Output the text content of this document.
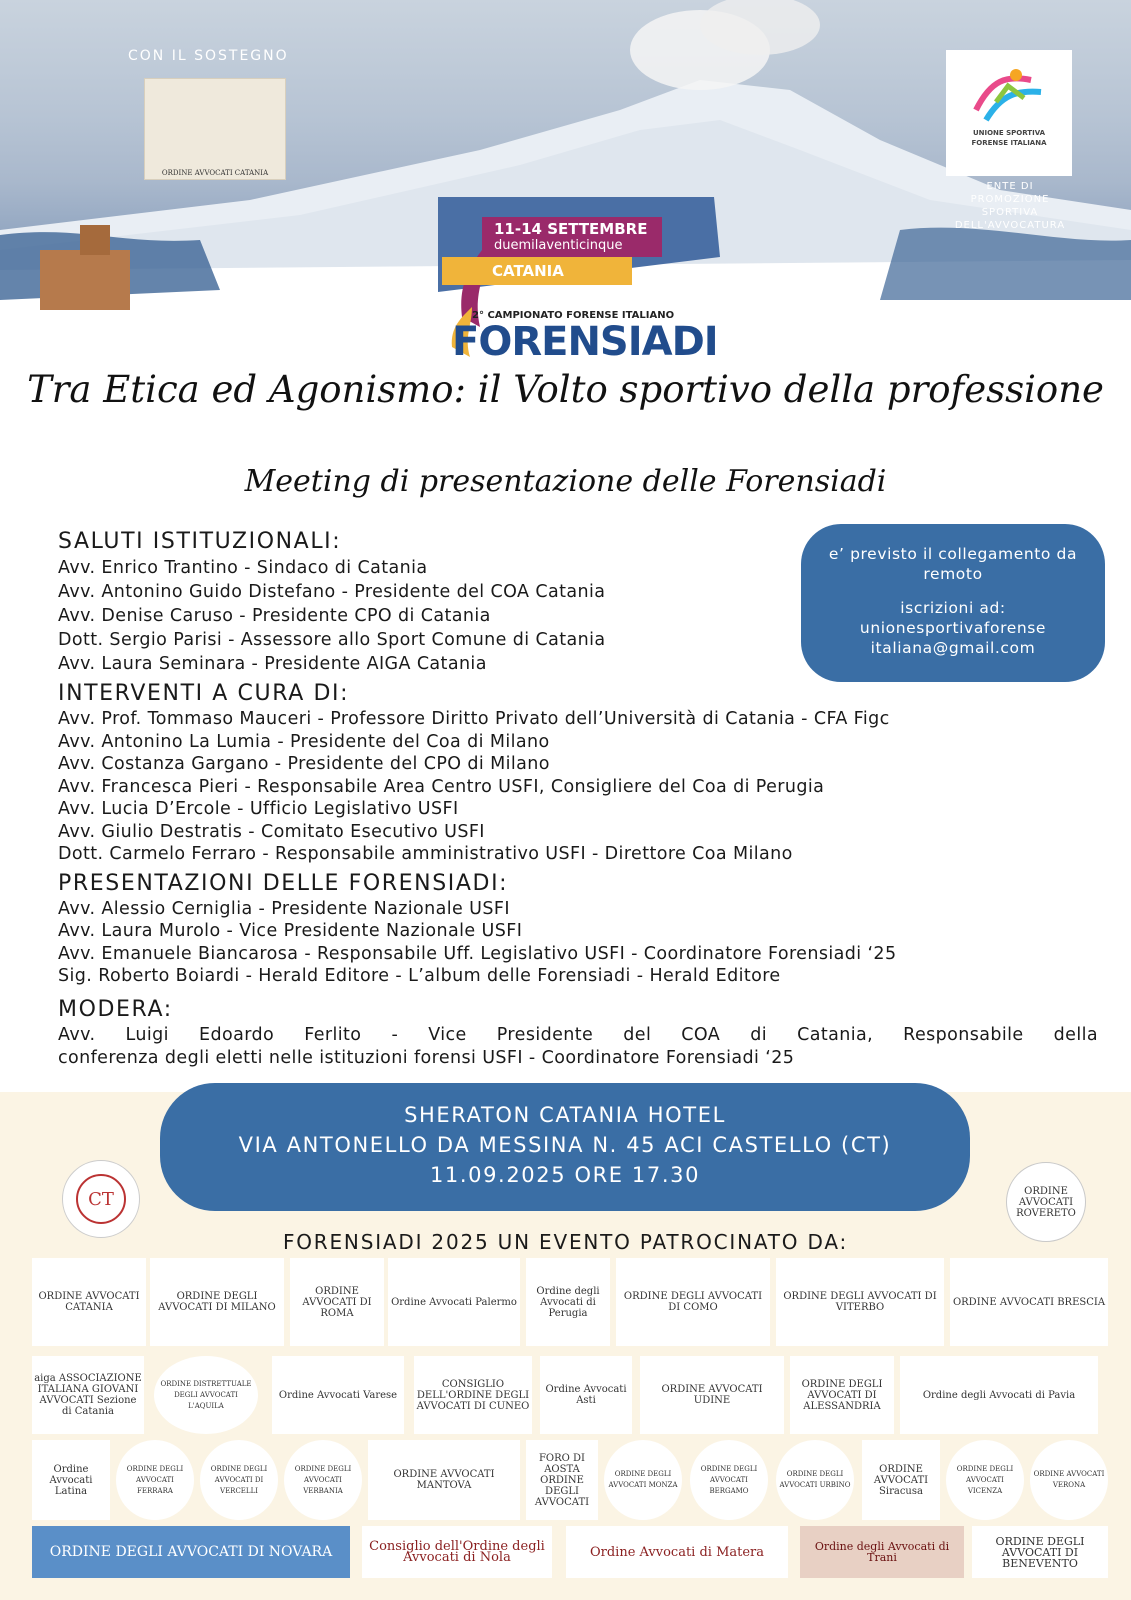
CON IL SOSTEGNO
ORDINE AVVOCATI CATANIA
UNIONE SPORTIVA FORENSE ITALIANA
ENTE DI PROMOZIONE SPORTIVA DELL'AVVOCATURA
11-14 SETTEMBRE
duemilaventicinque
CATANIA
2° CAMPIONATO FORENSE ITALIANO
FORENSIADI
Tra Etica ed Agonismo: il Volto sportivo della professione
Meeting di presentazione delle Forensiadi
e’ previsto il collegamento da remoto
iscrizioni ad:
unionesportivaforense
italiana@gmail.com
SALUTI ISTITUZIONALI:
Avv. Enrico Trantino - Sindaco di Catania
Avv. Antonino Guido Distefano - Presidente del COA Catania
Avv. Denise Caruso - Presidente CPO di Catania
Dott. Sergio Parisi - Assessore allo Sport Comune di Catania
Avv. Laura Seminara - Presidente AIGA Catania
INTERVENTI A CURA DI:
Avv. Prof. Tommaso Mauceri - Professore Diritto Privato dell’Università di Catania - CFA Figc
Avv. Antonino La Lumia - Presidente del Coa di Milano
Avv. Costanza Gargano - Presidente del CPO di Milano
Avv. Francesca Pieri - Responsabile Area Centro USFI, Consigliere del Coa di Perugia
Avv. Lucia D’Ercole - Ufficio Legislativo USFI
Avv. Giulio Destratis - Comitato Esecutivo USFI
Dott. Carmelo Ferraro - Responsabile amministrativo USFI - Direttore Coa Milano
PRESENTAZIONI DELLE FORENSIADI:
Avv. Alessio Cerniglia - Presidente Nazionale USFI
Avv. Laura Murolo - Vice Presidente Nazionale USFI
Avv. Emanuele Biancarosa - Responsabile Uff. Legislativo USFI - Coordinatore Forensiadi ‘25
Sig. Roberto Boiardi - Herald Editore - L’album delle Forensiadi - Herald Editore
MODERA:
Avv. Luigi Edoardo Ferlito - Vice Presidente del COA di Catania, Responsabile della
conferenza degli eletti nelle istituzioni forensi USFI - Coordinatore Forensiadi ‘25
SHERATON CATANIA HOTEL
VIA ANTONELLO DA MESSINA N. 45 ACI CASTELLO (CT)
11.09.2025 ORE 17.30
CT	ORDINE AVVOCATI ROVERETO
FORENSIADI 2025 UN EVENTO PATROCINATO DA:
ORDINE AVVOCATI CATANIA
ORDINE DEGLI AVVOCATI DI MILANO
ORDINE AVVOCATI DI ROMA
Ordine Avvocati Palermo
Ordine degli Avvocati di Perugia
ORDINE DEGLI AVVOCATI DI COMO
ORDINE DEGLI AVVOCATI DI VITERBO	ORDINE AVVOCATI BRESCIA
aiga ASSOCIAZIONE ITALIANA GIOVANI AVVOCATI Sezione di Catania
ORDINE DISTRETTUALE DEGLI AVVOCATI L'AQUILA
Ordine Avvocati Varese
CONSIGLIO DELL'ORDINE DEGLI AVVOCATI DI CUNEO
Ordine Avvocati Asti
ORDINE AVVOCATI UDINE
ORDINE DEGLI AVVOCATI DI ALESSANDRIA
Ordine degli Avvocati di Pavia
Ordine Avvocati Latina
ORDINE DEGLI AVVOCATI FERRARA
ORDINE DEGLI AVVOCATI DI VERCELLI
ORDINE DEGLI AVVOCATI VERBANIA
ORDINE AVVOCATI MANTOVA
FORO DI AOSTA ORDINE DEGLI AVVOCATI
ORDINE DEGLI AVVOCATI MONZA
ORDINE DEGLI AVVOCATI BERGAMO
ORDINE DEGLI AVVOCATI URBINO
ORDINE AVVOCATI Siracusa
ORDINE DEGLI AVVOCATI VICENZA
ORDINE AVVOCATI VERONA
ORDINE DEGLI AVVOCATI DI NOVARA	Consiglio dell'Ordine degli Avvocati di Nola	Ordine Avvocati di Matera	Ordine degli Avvocati di Trani
ORDINE DEGLI AVVOCATI DI BENEVENTO
